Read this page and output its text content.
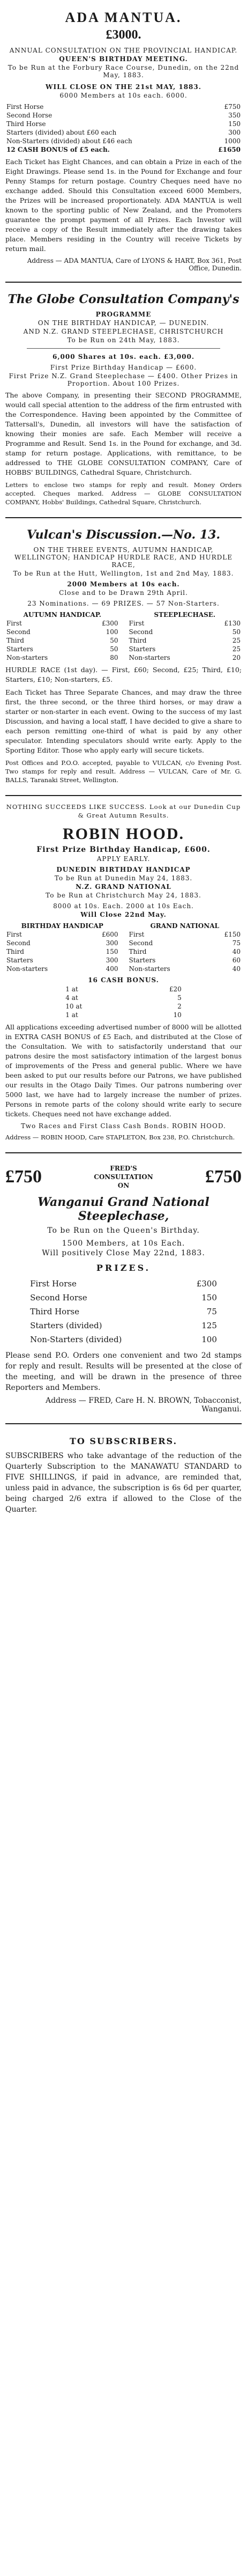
ADA MANTUA.
£3000.
ANNUAL CONSULTATION ON THE PROVINCIAL HANDICAP.
QUEEN'S BIRTHDAY MEETING.
To be Run at the Forbury Race Course, Dunedin, on the 22nd May, 1883.
WILL CLOSE ON THE 21st MAY, 1883.
6000 Members at 10s each. 6000.
First Horse	£750
Second Horse	350
Third Horse	150
Starters (divided) about £60 each	300
Non-Starters (divided) about £46 each	1000
12 CASH BONUS of £5 each.	£1650
Each Ticket has Eight Chances, and can obtain a Prize in each of the Eight Drawings. Please send 1s. in the Pound for Exchange and four Penny Stamps for return postage. Country Cheques need have no exchange added. Should this Consultation exceed 6000 Members, the Prizes will be increased proportionately. ADA MANTUA is well known to the sporting public of New Zealand, and the Promoters guarantee the prompt payment of all Prizes. Each Investor will receive a copy of the Result immediately after the drawing takes place. Members residing in the Country will receive Tickets by return mail.
Address — ADA MANTUA, Care of LYONS & HART, Box 361, Post Office, Dunedin.
The Globe Consultation Company's
PROGRAMME
ON THE BIRTHDAY HANDICAP, — DUNEDIN.
AND N.Z. GRAND STEEPLECHASE, CHRISTCHURCH
To be Run on 24th May, 1883.
6,000 Shares at 10s. each. £3,000.
First Prize Birthday Handicap — £600.
First Prize N.Z. Grand Steeplechase — £400. Other Prizes in Proportion. About 100 Prizes.
The above Company, in presenting their SECOND PROGRAMME, would call special attention to the address of the firm entrusted with the Correspondence. Having been appointed by the Committee of Tattersall's, Dunedin, all investors will have the satisfaction of knowing their monies are safe. Each Member will receive a Programme and Result. Send 1s. in the Pound for exchange, and 3d. stamp for return postage. Applications, with remittance, to be addressed to THE GLOBE CONSULTATION COMPANY, Care of HOBBS' BUILDINGS, Cathedral Square, Christchurch.
Letters to enclose two stamps for reply and result. Money Orders accepted. Cheques marked. Address — GLOBE CONSULTATION COMPANY, Hobbs' Buildings, Cathedral Square, Christchurch.
Vulcan's Discussion.—No. 13.
ON THE THREE EVENTS, AUTUMN HANDICAP, WELLINGTON; HANDICAP HURDLE RACE, AND HURDLE RACE,
To be Run at the Hutt, Wellington, 1st and 2nd May, 1883.
2000 Members at 10s each.
Close and to be Drawn 29th April.
23 Nominations. — 69 PRIZES. — 57 Non-Starters.
AUTUMN HANDICAP.	
First	£300
Second	100
Third	50
Starters	50
Non-starters	80
STEEPLECHASE.	
First	£130
Second	50
Third	25
Starters	25
Non-starters	20
HURDLE RACE (1st day). — First, £60; Second, £25; Third, £10; Starters, £10; Non-starters, £5.
Each Ticket has Three Separate Chances, and may draw the three first, the three second, or the three third horses, or may draw a starter or non-starter in each event. Owing to the success of my last Discussion, and having a local staff, I have decided to give a share to each person remitting one-third of what is paid by any other speculator. Intending speculators should write early. Apply to the Sporting Editor. Those who apply early will secure tickets.
Post Offices and P.O.O. accepted, payable to VULCAN, c/o Evening Post. Two stamps for reply and result. Address — VULCAN, Care of Mr. G. BALLS, Taranaki Street, Wellington.
NOTHING SUCCEEDS LIKE SUCCESS. Look at our Dunedin Cup & Great Autumn Results.
ROBIN HOOD.
First Prize Birthday Handicap, £600.
APPLY EARLY.
DUNEDIN BIRTHDAY HANDICAP
To be Run at Dunedin May 24, 1883.
N.Z. GRAND NATIONAL
To be Run at Christchurch May 24, 1883.
8000 at 10s. Each. 2000 at 10s Each.
Will Close 22nd May.
BIRTHDAY HANDICAP	
First	£600
Second	300
Third	150
Starters	300
Non-starters	400
GRAND NATIONAL	
First	£150
Second	75
Third	40
Starters	60
Non-starters	40
16 CASH BONUS.
1 at	£20
4 at	5
10 at	2
1 at	10
All applications exceeding advertised number of 8000 will be allotted in EXTRA CASH BONUS of £5 Each, and distributed at the Close of the Consultation. We with to satisfactorily understand that our patrons desire the most satisfactory intimation of the largest bonus of improvements of the Press and general public. Where we have been asked to put our results before our Patrons, we have published our results in the Otago Daily Times. Our patrons numbering over 5000 last, we have had to largely increase the number of prizes. Persons in remote parts of the colony should write early to secure tickets. Cheques need not have exchange added.
Two Races and First Class Cash Bonds. ROBIN HOOD.
Address — ROBIN HOOD, Care STAPLETON, Box 238, P.O. Christchurch.
£750	FRED'S
CONSULTATION
ON	£750
Wanganui Grand National Steeplechase,
To be Run on the Queen's Birthday.
1500 Members, at 10s Each.
Will positively Close May 22nd, 1883.
PRIZES.
First Horse	£300
Second Horse	150
Third Horse	75
Starters (divided)	125
Non-Starters (divided)	100
Please send P.O. Orders one convenient and two 2d stamps for reply and result. Results will be presented at the close of the meeting, and will be drawn in the presence of three Reporters and Members.
Address — FRED, Care H. N. BROWN, Tobacconist, Wanganui.
TO SUBSCRIBERS.
SUBSCRIBERS who take advantage of the reduction of the Quarterly Subscription to the MANAWATU STANDARD to FIVE SHILLINGS, if paid in advance, are reminded that, unless paid in advance, the subscription is 6s 6d per quarter, being charged 2/6 extra if allowed to the Close of the Quarter.
